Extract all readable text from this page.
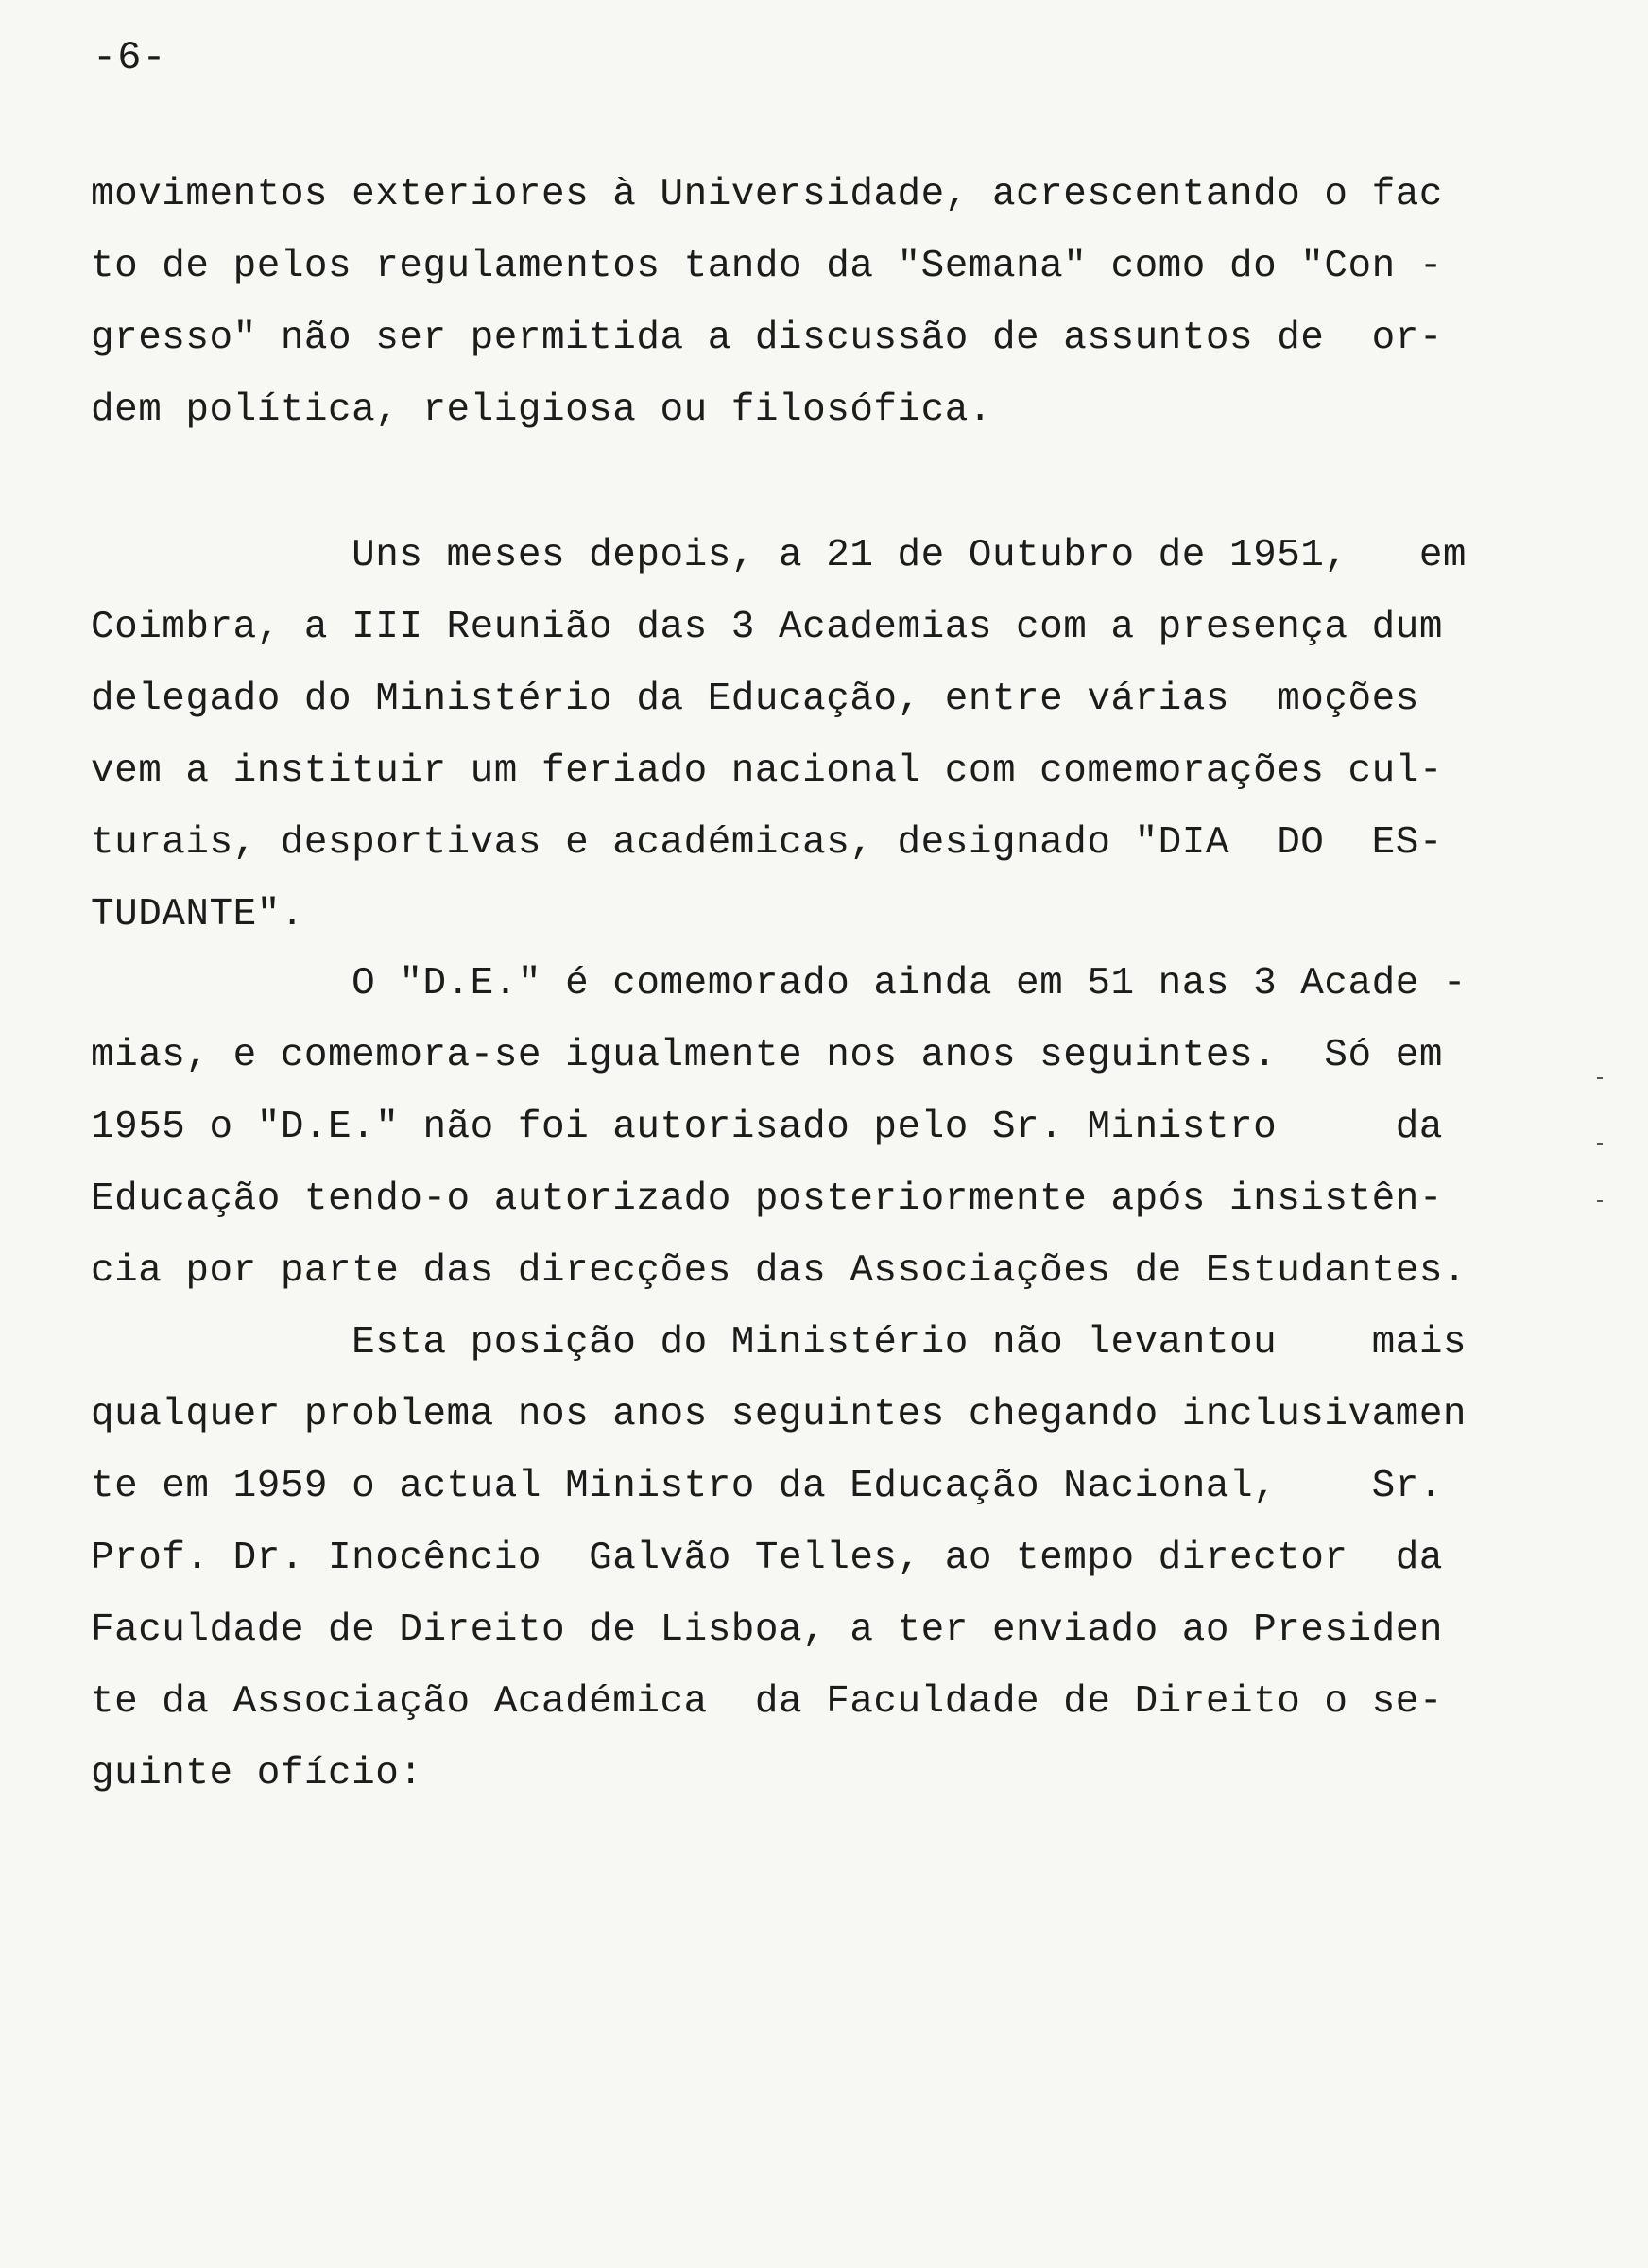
-6-
movimentos exteriores à Universidade, acrescentando o fac
to de pelos regulamentos tando da "Semana" como do "Con -
gresso" não ser permitida a discussão de assuntos de  or-
dem política, religiosa ou filosófica.
Uns meses depois, a 21 de Outubro de 1951,   em
Coimbra, a III Reunião das 3 Academias com a presença dum
delegado do Ministério da Educação, entre várias  moções
vem a instituir um feriado nacional com comemorações cul-
turais, desportivas e académicas, designado "DIA  DO  ES-
TUDANTE".
O "D.E." é comemorado ainda em 51 nas 3 Acade -
mias, e comemora-se igualmente nos anos seguintes.  Só em
1955 o "D.E." não foi autorisado pelo Sr. Ministro     da
Educação tendo-o autorizado posteriormente após insistên-
cia por parte das direcções das Associações de Estudantes.
Esta posição do Ministério não levantou    mais
qualquer problema nos anos seguintes chegando inclusivamen
te em 1959 o actual Ministro da Educação Nacional,    Sr.
Prof. Dr. Inocêncio  Galvão Telles, ao tempo director  da
Faculdade de Direito de Lisboa, a ter enviado ao Presiden
te da Associação Académica  da Faculdade de Direito o se-
guinte ofício:
